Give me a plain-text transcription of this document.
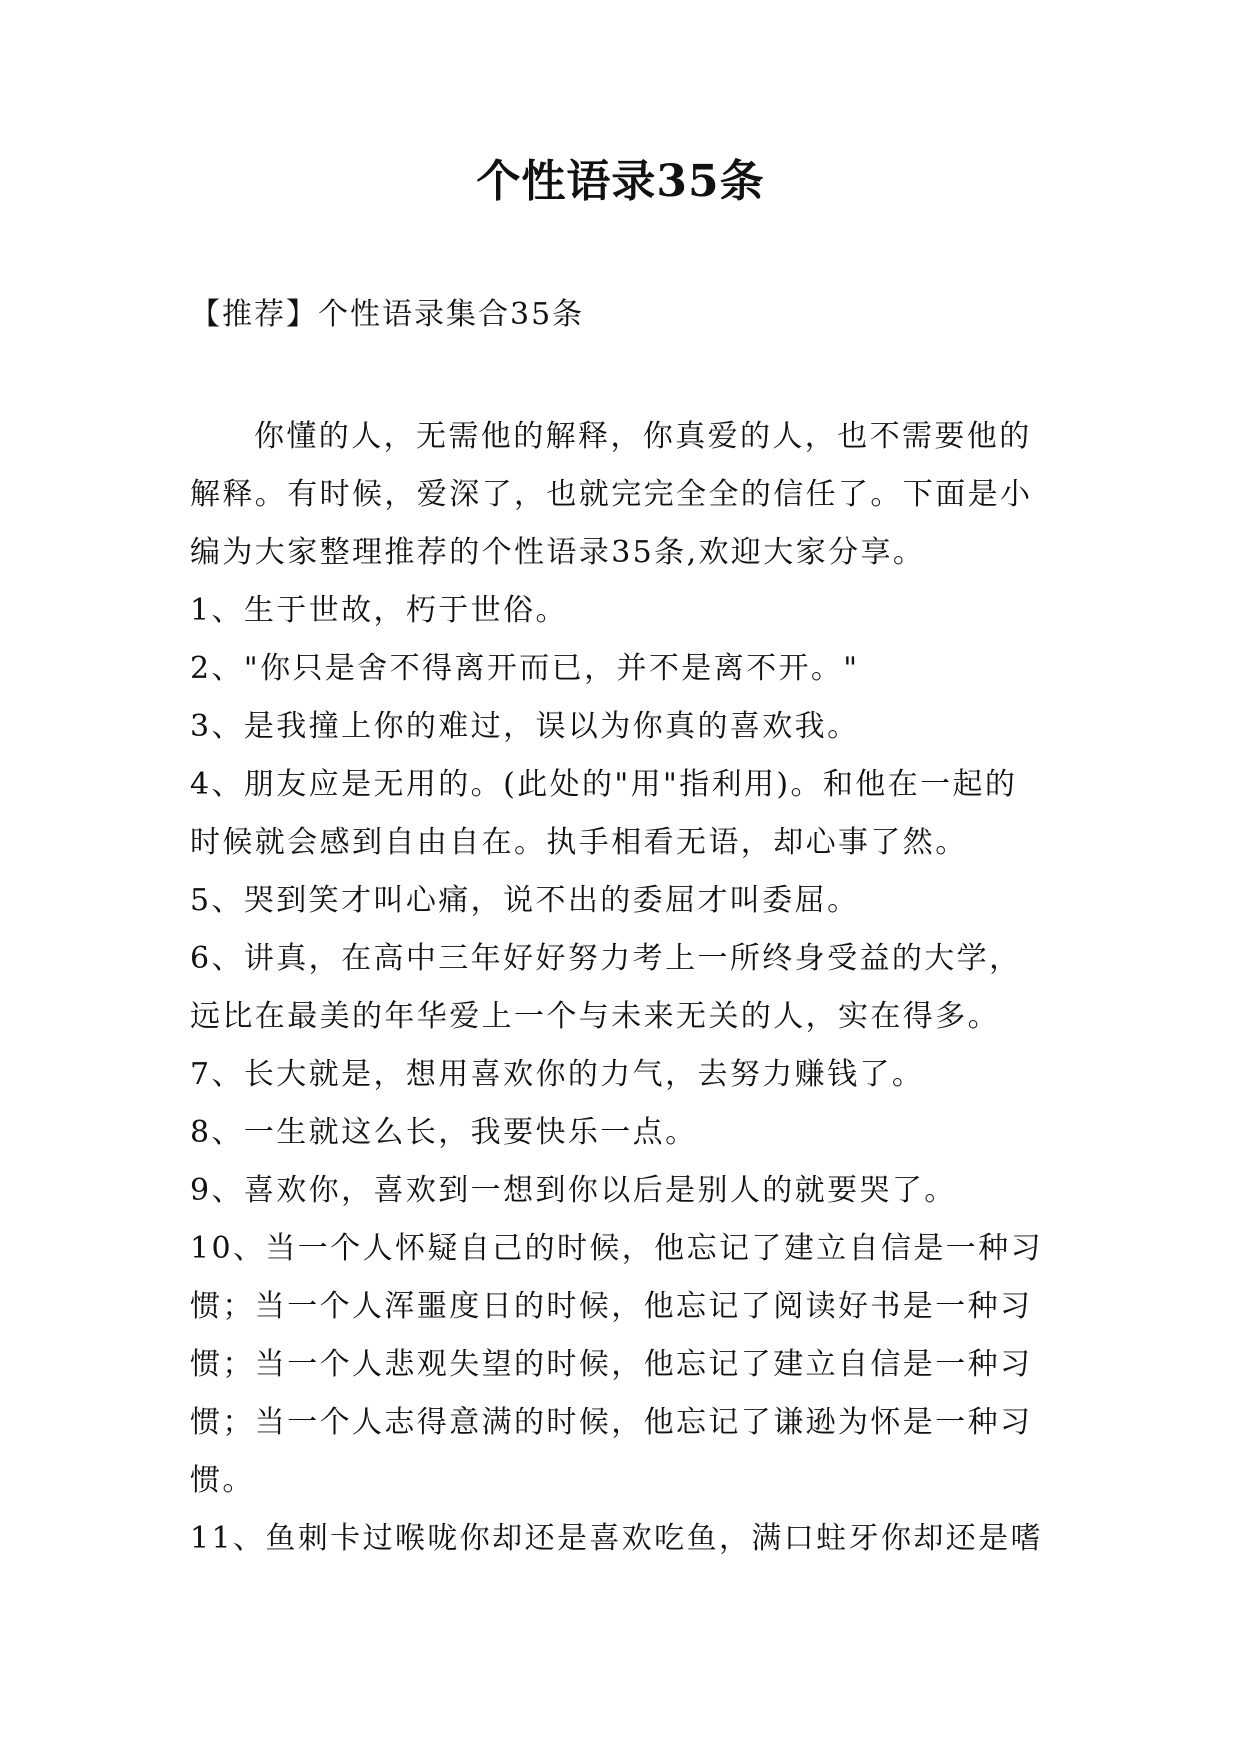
个性语录35条
【推荐】个性语录集合35条

你懂的人，无需他的解释，你真爱的人，也不需要他的
解释。有时候，爱深了，也就完完全全的信任了。下面是小
编为大家整理推荐的个性语录35条,欢迎大家分享。

1、生于世故，朽于世俗。

2、"你只是舍不得离开而已，并不是离不开。"

3、是我撞上你的难过，误以为你真的喜欢我。

4、朋友应是无用的。(此处的"用"指利用)。和他在一起的
时候就会感到自由自在。执手相看无语，却心事了然。

5、哭到笑才叫心痛，说不出的委屈才叫委屈。

6、讲真，在高中三年好好努力考上一所终身受益的大学，
远比在最美的年华爱上一个与未来无关的人，实在得多。

7、长大就是，想用喜欢你的力气，去努力赚钱了。

8、一生就这么长，我要快乐一点。

9、喜欢你，喜欢到一想到你以后是别人的就要哭了。

10、当一个人怀疑自己的时候，他忘记了建立自信是一种习
惯；当一个人浑噩度日的时候，他忘记了阅读好书是一种习
惯；当一个人悲观失望的时候，他忘记了建立自信是一种习
惯；当一个人志得意满的时候，他忘记了谦逊为怀是一种习
惯。

11、鱼刺卡过喉咙你却还是喜欢吃鱼，满口蛀牙你却还是嗜
